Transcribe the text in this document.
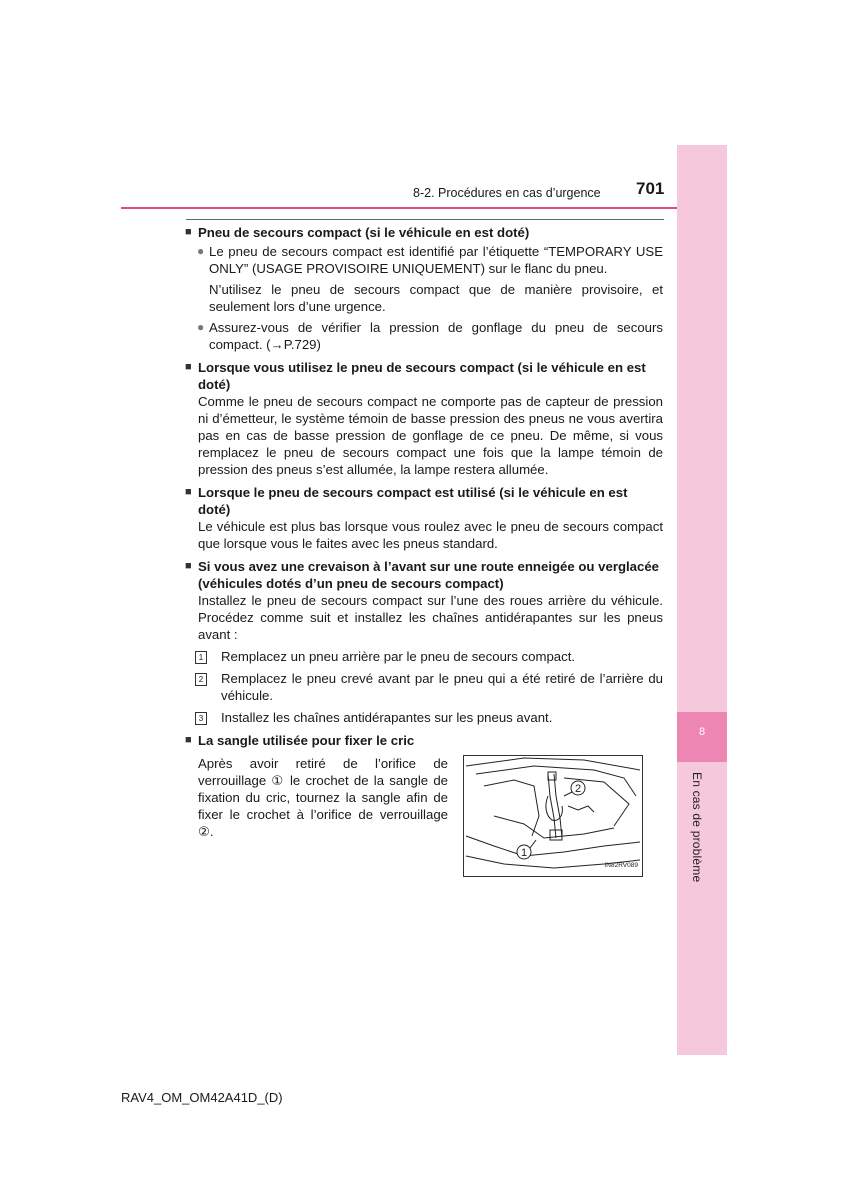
8
En cas de problème
8-2. Procédures en cas d’urgence 701
■ Pneu de secours compact (si le véhicule en est doté)
● Le pneu de secours compact est identifié par l’étiquette “TEMPORARY USE ONLY” (USAGE PROVISOIRE UNIQUEMENT) sur le flanc du pneu.
N’utilisez le pneu de secours compact que de manière provisoire, et seulement lors d’une urgence.
● Assurez-vous de vérifier la pression de gonflage du pneu de secours compact. (→P.729)
■ Lorsque vous utilisez le pneu de secours compact (si le véhicule en est doté)
Comme le pneu de secours compact ne comporte pas de capteur de pression ni d’émetteur, le système témoin de basse pression des pneus ne vous avertira pas en cas de basse pression de gonflage de ce pneu. De même, si vous remplacez le pneu de secours compact une fois que la lampe témoin de pression des pneus s’est allumée, la lampe restera allumée.
■ Lorsque le pneu de secours compact est utilisé (si le véhicule en est doté)
Le véhicule est plus bas lorsque vous roulez avec le pneu de secours compact que lorsque vous le faites avec les pneus standard.
■ Si vous avez une crevaison à l’avant sur une route enneigée ou verglacée (véhicules dotés d’un pneu de secours compact)
Installez le pneu de secours compact sur l’une des roues arrière du véhicule. Procédez comme suit et installez les chaînes antidérapantes sur les pneus avant :
1 Remplacez un pneu arrière par le pneu de secours compact.
2 Remplacez le pneu crevé avant par le pneu qui a été retiré de l’arrière du véhicule.
3 Installez les chaînes antidérapantes sur les pneus avant.
■ La sangle utilisée pour fixer le cric
Après avoir retiré de l’orifice de verrouillage ① le crochet de la sangle de fixation du cric, tournez la sangle afin de fixer le crochet à l’orifice de verrouillage ②.
2
1
IN82RV089
RAV4_OM_OM42A41D_(D)
